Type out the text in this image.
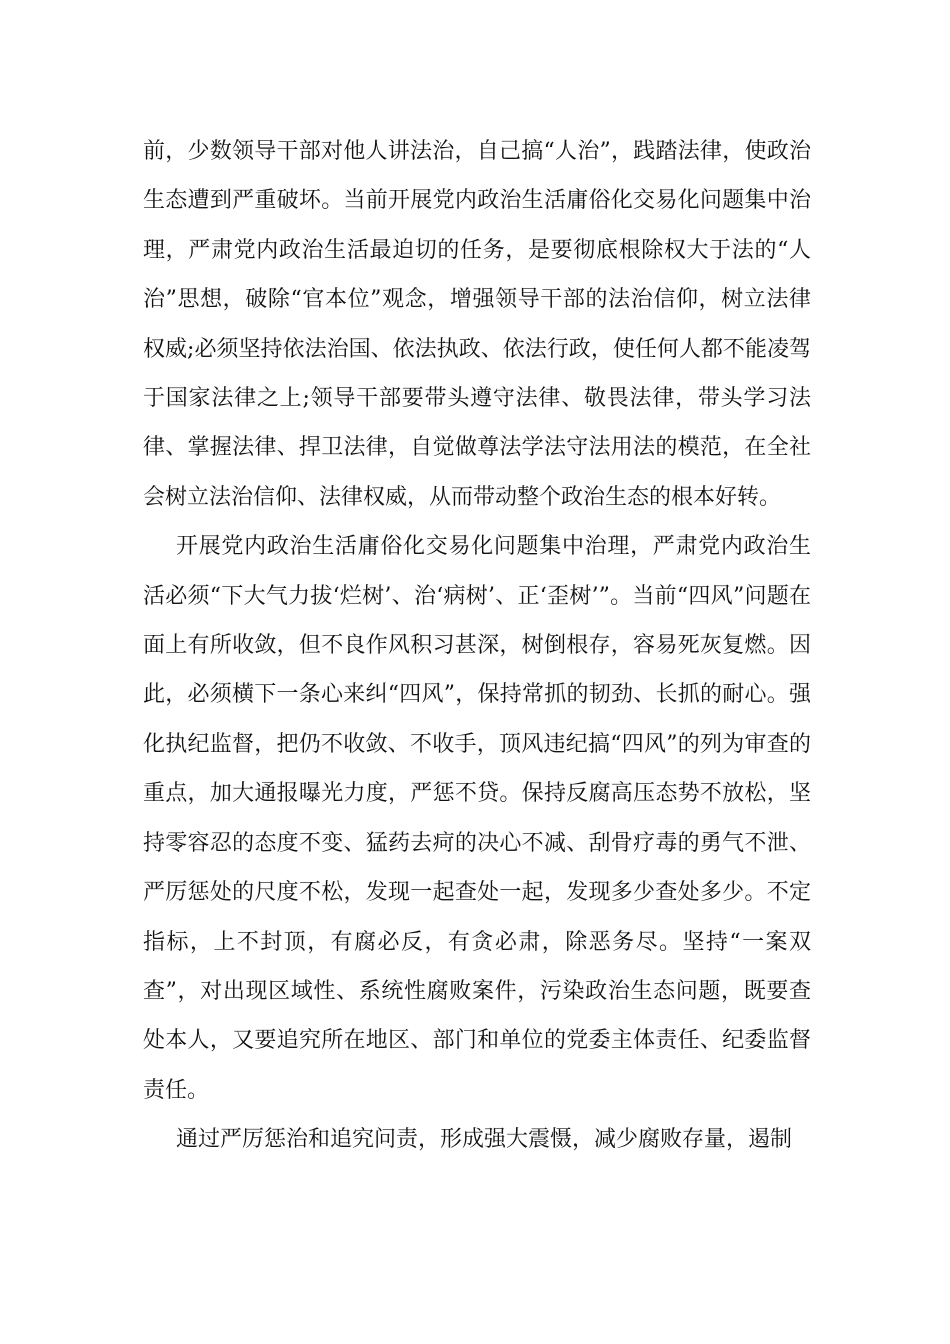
前，少数领导干部对他人讲法治，自己搞“人治”，践踏法律，使政治生态遭到严重破坏。当前开展党内政治生活庸俗化交易化问题集中治理，严肃党内政治生活最迫切的任务，是要彻底根除权大于法的“人治”思想，破除“官本位”观念，增强领导干部的法治信仰，树立法律权威;必须坚持依法治国、依法执政、依法行政，使任何人都不能凌驾于国家法律之上;领导干部要带头遵守法律、敬畏法律，带头学习法律、掌握法律、捍卫法律，自觉做尊法学法守法用法的模范，在全社会树立法治信仰、法律权威，从而带动整个政治生态的根本好转。

开展党内政治生活庸俗化交易化问题集中治理，严肃党内政治生活必须“下大气力拔‘烂树’、治‘病树’、正‘歪树’”。当前“四风”问题在面上有所收敛，但不良作风积习甚深，树倒根存，容易死灰复燃。因此，必须横下一条心来纠“四风”，保持常抓的韧劲、长抓的耐心。强化执纪监督，把仍不收敛、不收手，顶风违纪搞“四风”的列为审查的重点，加大通报曝光力度，严惩不贷。保持反腐高压态势不放松，坚持零容忍的态度不变、猛药去疴的决心不减、刮骨疗毒的勇气不泄、严厉惩处的尺度不松，发现一起查处一起，发现多少查处多少。不定指标，上不封顶，有腐必反，有贪必肃，除恶务尽。坚持“一案双查”，对出现区域性、系统性腐败案件，污染政治生态问题，既要查处本人，又要追究所在地区、部门和单位的党委主体责任、纪委监督责任。

通过严厉惩治和追究问责，形成强大震慑，减少腐败存量，遏制
